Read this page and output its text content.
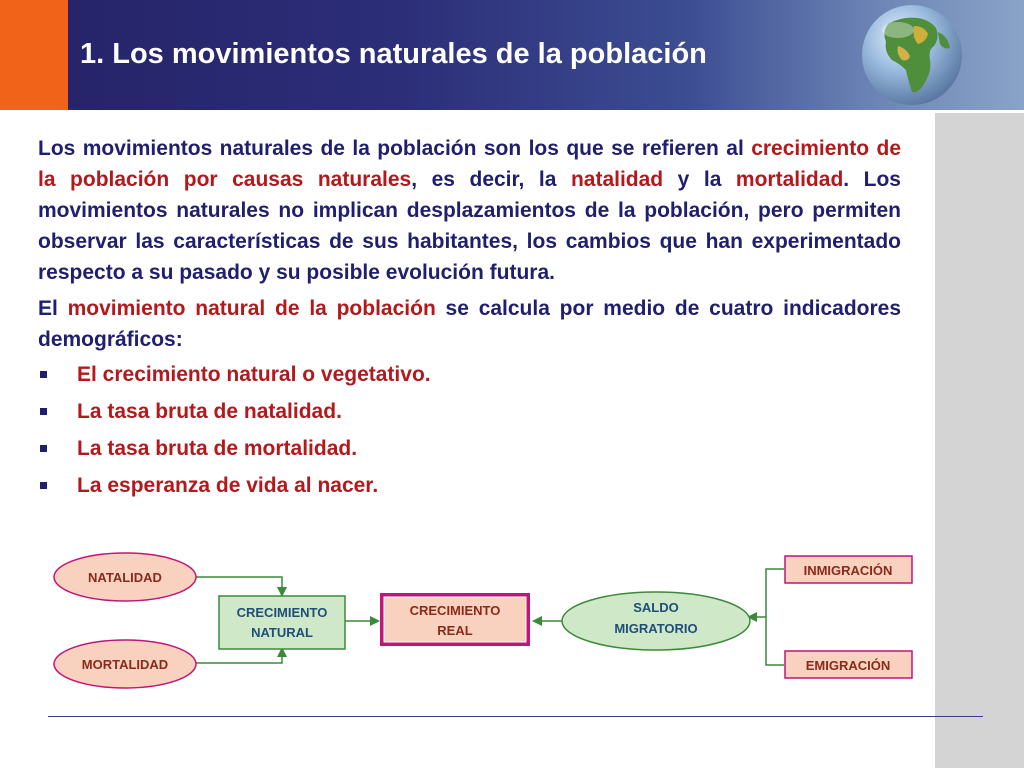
1. Los movimientos naturales de la población

Los movimientos naturales de la población son los que se refieren al crecimiento de la población por causas naturales, es decir, la natalidad y la mortalidad. Los movimientos naturales no implican desplazamientos de la población, pero permiten observar las características de sus habitantes, los cambios que han experimentado respecto a su pasado y su posible evolución futura.

El movimiento natural de la población se calcula por medio de cuatro indicadores demográficos:

El crecimiento natural o vegetativo.
La tasa bruta de natalidad.
La tasa bruta de mortalidad.
La esperanza de vida al nacer.
NATALIDAD
MORTALIDAD
CRECIMIENTO
NATURAL
CRECIMIENTO
REAL
SALDO
MIGRATORIO
INMIGRACIÓN
EMIGRACIÓN
